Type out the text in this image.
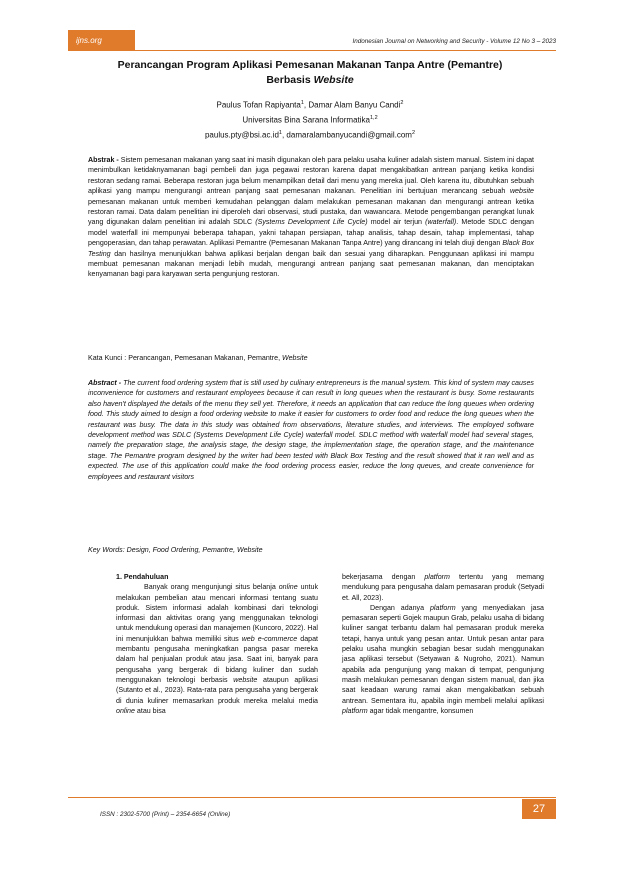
ijns.org	Indonesian Journal on Networking and Security - Volume 12 No 3 – 2023
Perancangan Program Aplikasi Pemesanan Makanan Tanpa Antre (Pemantre)
Berbasis Website
Paulus Tofan Rapiyanta$^1$, Damar Alam Banyu Candi$^2$
Universitas Bina Sarana Informatika$^{1,2}$
$paulus.pty@bsi.ac.id^1$, damaralambanyucandi@gmail.com$^2$
Abstrak - Sistem pemesanan makanan yang saat ini masih digunakan oleh para pelaku usaha kuliner adalah sistem manual. Sistem ini dapat menimbulkan ketidaknyamanan bagi pembeli dan juga pegawai restoran karena dapat mengakibatkan antrean panjang ketika kondisi restoran sedang ramai. Beberapa restoran juga belum menampilkan detail dari menu yang mereka jual. Oleh karena itu, dibutuhkan sebuah aplikasi yang mampu mengurangi antrean panjang saat pemesanan makanan. Penelitian ini bertujuan merancang sebuah website pemesanan makanan untuk memberi kemudahan pelanggan dalam melakukan pemesanan makanan dan mengurangi antrean ketika restoran ramai. Data dalam penelitian ini diperoleh dari observasi, studi pustaka, dan wawancara. Metode pengembangan perangkat lunak yang digunakan dalam penelitian ini adalah SDLC (Systems Development Life Cycle) model air terjun (waterfall). Metode SDLC dengan model waterfall ini mempunyai beberapa tahapan, yakni tahapan persiapan, tahap analisis, tahap desain, tahap implementasi, tahap pengoperasian, dan tahap perawatan. Aplikasi Pemantre (Pemesanan Makanan Tanpa Antre) yang dirancang ini telah diuji dengan Black Box Testing dan hasilnya menunjukkan bahwa aplikasi berjalan dengan baik dan sesuai yang diharapkan. Penggunaan aplikasi ini mampu membuat pemesanan makanan menjadi lebih mudah, mengurangi antrean panjang saat pemesanan makanan, dan menciptakan kenyamanan bagi para karyawan serta pengunjung restoran.
Kata Kunci : Perancangan, Pemesanan Makanan, Pemantre, Website
Abstract - The current food ordering system that is still used by culinary entrepreneurs is the manual system. This kind of system may causes inconvenience for customers and restaurant employees because it can result in long queues when the restaurant is busy. Some restaurants also haven't displayed the details of the menu they sell yet. Therefore, it needs an application that can reduce the long queues when ordering food. This study aimed to design a food ordering website to make it easier for customers to order food and reduce the long queues when the restaurant was busy. The data in this study was obtained from observations, literature studies, and interviews. The employed software development method was SDLC (Systems Development Life Cycle) waterfall model. SDLC method with waterfall model had several stages, namely the preparation stage, the analysis stage, the design stage, the implementation stage, the operation stage, and the maintenance stage. The Pemantre program designed by the writer had been tested with Black Box Testing and the result showed that it ran well and as expected. The use of this application could make the food ordering process easier, reduce the long queues, and create convenience for employees and restaurant visitors
Key Words: Design, Food Ordering, Pemantre, Website
1. Pendahuluan
Banyak orang mengunjungi situs belanja online untuk melakukan pembelian atau mencari informasi tentang suatu produk. Sistem informasi adalah kombinasi dari teknologi informasi dan aktivitas orang yang menggunakan teknologi untuk mendukung operasi dan manajemen (Kuncoro, 2022). Hal ini menunjukkan bahwa memiliki situs web e-commerce dapat membantu pengusaha meningkatkan pangsa pasar mereka dalam hal penjualan produk atau jasa. Saat ini, banyak para pengusaha yang bergerak di bidang kuliner dan sudah menggunakan teknologi berbasis website ataupun aplikasi (Sutanto et al., 2023). Rata-rata para pengusaha yang bergerak di dunia kuliner memasarkan produk mereka melalui media online atau bisa
bekerjasama dengan platform tertentu yang memang mendukung para pengusaha dalam pemasaran produk (Setyadi et. All, 2023).
Dengan adanya platform yang menyediakan jasa pemasaran seperti Gojek maupun Grab, pelaku usaha di bidang kuliner sangat terbantu dalam hal pemasaran produk mereka tetapi, hanya untuk yang pesan antar. Untuk pesan antar para pelaku usaha mungkin sebagian besar sudah menggunakan jasa aplikasi tersebut (Setyawan & Nugroho, 2021). Namun apabila ada pengunjung yang makan di tempat, pengunjung masih melakukan pemesanan dengan sistem manual, dan jika saat keadaan warung ramai akan mengakibatkan sebuah antrean. Sementara itu, apabila ingin membeli melalui aplikasi platform agar tidak mengantre, konsumen
ISSN : 2302-5700 (Print) – 2354-6654 (Online)	27
